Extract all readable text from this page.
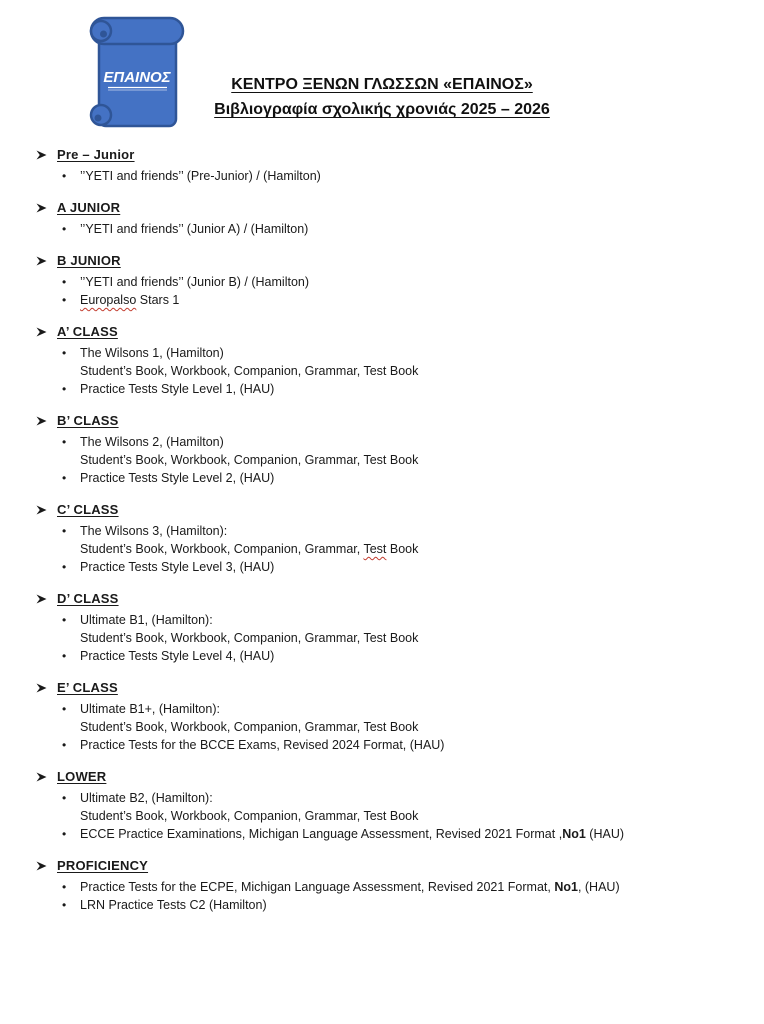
ΕΠΑΙΝΟΣ	ΚΕΝΤΡΟ ΞΕΝΩΝ ΓΛΩΣΣΩΝ «ΕΠΑΙΝΟΣ»
Βιβλιογραφία σχολικής χρονιάς 2025 – 2026
Pre – Junior
•	’’YETI and friends’’ (Pre-Junior) / (Hamilton)
A JUNIOR
•	’’YETI and friends’’ (Junior A) / (Hamilton)
B JUNIOR
•	’’YETI and friends’’ (Junior B) / (Hamilton)
•	Europalso Stars 1
A’ CLASS
•	The Wilsons 1, (Hamilton)
Student’s Book, Workbook, Companion, Grammar, Test Book
•	Practice Tests Style Level 1, (HAU)
B’ CLASS
•	The Wilsons 2, (Hamilton)
Student’s Book, Workbook, Companion, Grammar, Test Book
•	Practice Tests Style Level 2, (HAU)
C’ CLASS
•	The Wilsons 3, (Hamilton):
Student’s Book, Workbook, Companion, Grammar, Test Book
•	Practice Tests Style Level 3, (HAU)
D’ CLASS
•	Ultimate B1, (Hamilton):
Student’s Book, Workbook, Companion, Grammar, Test Book
•	Practice Tests Style Level 4, (HAU)
E’ CLASS
•	Ultimate B1+, (Hamilton):
Student’s Book, Workbook, Companion, Grammar, Test Book
•	Practice Tests for the BCCE Exams, Revised 2024 Format, (HAU)
LOWER
•	Ultimate B2, (Hamilton):
Student’s Book, Workbook, Companion, Grammar, Test Book
•	ECCE Practice Examinations, Michigan Language Assessment, Revised 2021 Format ,No1 (HAU)
PROFICIENCY
•	Practice Tests for the ECPE, Michigan Language Assessment, Revised 2021 Format, No1, (HAU)
•	LRN Practice Tests C2 (Hamilton)
